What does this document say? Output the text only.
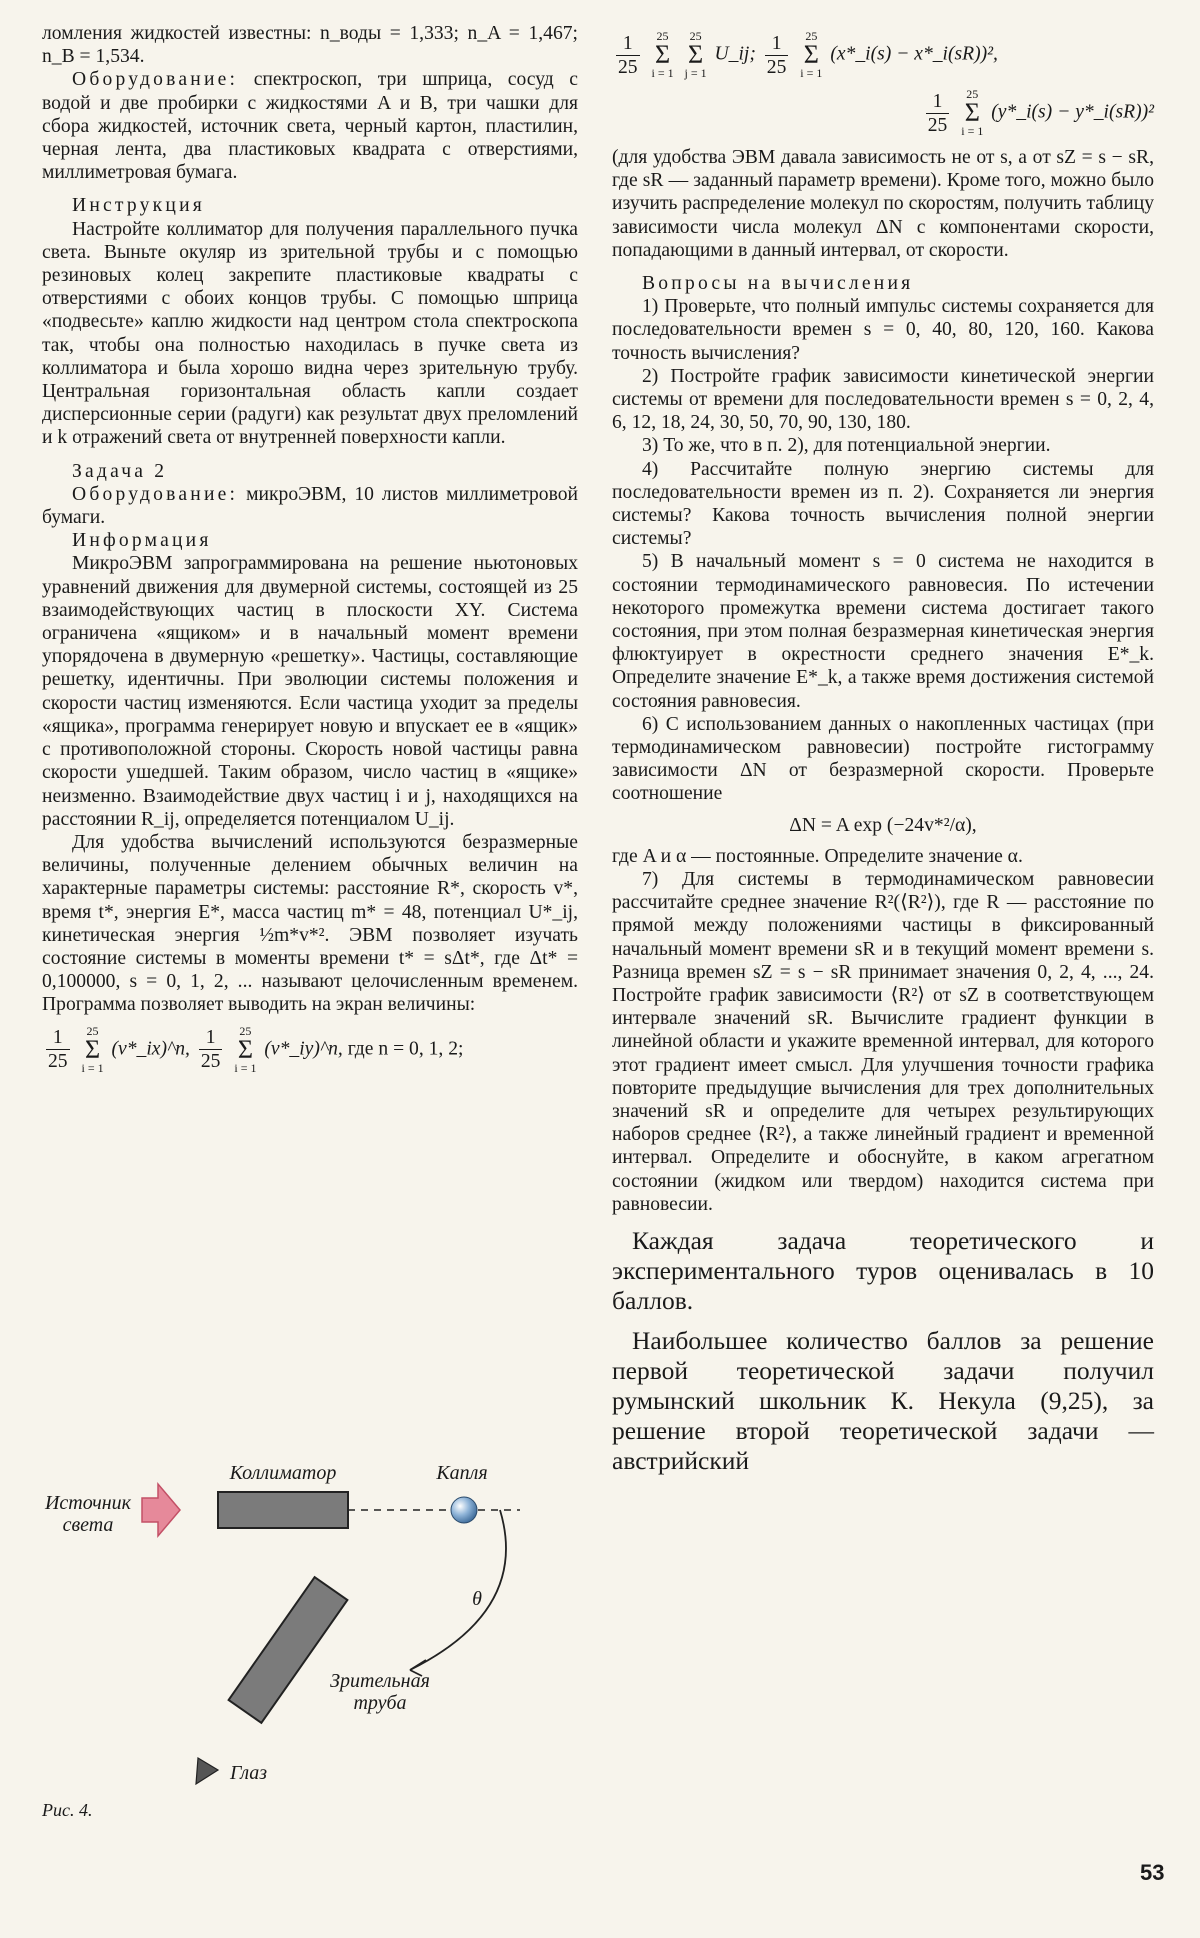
ломления жидкостей известны: n_воды = 1,333; n_A = 1,467; n_B = 1,534.

Оборудование: спектроскоп, три шприца, сосуд с водой и две пробирки с жидкостями A и B, три чашки для сбора жидкостей, источник света, черный картон, пластилин, черная лента, два пластиковых квадрата с отверстиями, миллиметровая бумага.

Инструкция

Настройте коллиматор для получения параллельного пучка света. Выньте окуляр из зрительной трубы и с помощью резиновых колец закрепите пластиковые квадраты с отверстиями с обоих концов трубы. С помощью шприца «подвесьте» каплю жидкости над центром стола спектроскопа так, чтобы она полностью находилась в пучке света из коллиматора и была хорошо видна через зрительную трубу. Центральная горизонтальная область капли создает дисперсионные серии (радуги) как результат двух преломлений и k отражений света от внутренней поверхности капли.

Задача 2

Оборудование: микроЭВМ, 10 листов миллиметровой бумаги.

Информация

МикроЭВМ запрограммирована на решение ньютоновых уравнений движения для двумерной системы, состоящей из 25 взаимодействующих частиц в плоскости XY. Система ограничена «ящиком» и в начальный момент времени упорядочена в двумерную «решетку». Частицы, составляющие решетку, идентичны. При эволюции системы положения и скорости частиц изменяются. Если частица уходит за пределы «ящика», программа генерирует новую и впускает ее в «ящик» с противоположной стороны. Скорость новой частицы равна скорости ушедшей. Таким образом, число частиц в «ящике» неизменно. Взаимодействие двух частиц i и j, находящихся на расстоянии R_ij, определяется потенциалом U_ij.

Для удобства вычислений используются безразмерные величины, полученные делением обычных величин на характерные параметры системы: расстояние R*, скорость v*, время t*, энергия E*, масса частиц m* = 48, потенциал U*_ij, кинетическая энергия ½m*v*². ЭВМ позволяет изучать состояние системы в моменты времени t* = sΔt*, где Δt* = 0,100000, s = 0, 1, 2, ... называют целочисленным временем. Программа позволяет выводить на экран величины:

$\frac{1}{25} 25$
Σ
i = 1 (v*_ix)^n, $\frac{1}{25} 25$
Σ
i = 1 (v*_iy)^n, где n = 0, 1, 2;
Источник света
Коллиматор	Капля
θ
Зрительная труба
Глаз
Рис. 4.
$\frac{1}{25} 25$
Σ
i = 1 25
Σ
j = 1 U_ij; $\frac{1}{25} 25$
Σ
i = 1 (x*_i(s) − x*_i(sR))²,
$\frac{1}{25} 25$
Σ
i = 1 (y*_i(s) − y*_i(sR))²

(для удобства ЭВМ давала зависимость не от s, а от sZ = s − sR, где sR — заданный параметр времени). Кроме того, можно было изучить распределение молекул по скоростям, получить таблицу зависимости числа молекул ΔN с компонентами скорости, попадающими в данный интервал, от скорости.

Вопросы на вычисления

1) Проверьте, что полный импульс системы сохраняется для последовательности времен s = 0, 40, 80, 120, 160. Какова точность вычисления?

2) Постройте график зависимости кинетической энергии системы от времени для последовательности времен s = 0, 2, 4, 6, 12, 18, 24, 30, 50, 70, 90, 130, 180.

3) То же, что в п. 2), для потенциальной энергии.

4) Рассчитайте полную энергию системы для последовательности времен из п. 2). Сохраняется ли энергия системы? Какова точность вычисления полной энергии системы?

5) В начальный момент s = 0 система не находится в состоянии термодинамического равновесия. По истечении некоторого промежутка времени система достигает такого состояния, при этом полная безразмерная кинетическая энергия флюктуирует в окрестности среднего значения E*_k. Определите значение E*_k, а также время достижения системой состояния равновесия.

6) С использованием данных о накопленных частицах (при термодинамическом равновесии) постройте гистограмму зависимости ΔN от безразмерной скорости. Проверьте соотношение

ΔN = A exp (−24v*²/α),

где A и α — постоянные. Определите значение α.

7) Для системы в термодинамическом равновесии рассчитайте среднее значение R²(⟨R²⟩), где R — расстояние по прямой между положениями частицы в фиксированный начальный момент времени sR и в текущий момент времени s. Разница времен sZ = s − sR принимает значения 0, 2, 4, ..., 24. Постройте график зависимости ⟨R²⟩ от sZ в соответствующем интервале значений sR. Вычислите градиент функции в линейной области и укажите временной интервал, для которого этот градиент имеет смысл. Для улучшения точности графика повторите предыдущие вычисления для трех дополнительных значений sR и определите для четырех результирующих наборов среднее ⟨R²⟩, а также линейный градиент и временной интервал. Определите и обоснуйте, в каком агрегатном состоянии (жидком или твердом) находится система при равновесии.

Каждая задача теоретического и экспериментального туров оценивалась в 10 баллов.

Наибольшее количество баллов за решение первой теоретической задачи получил румынский школьник К. Некула (9,25), за решение второй теоретической задачи — австрийский

53
